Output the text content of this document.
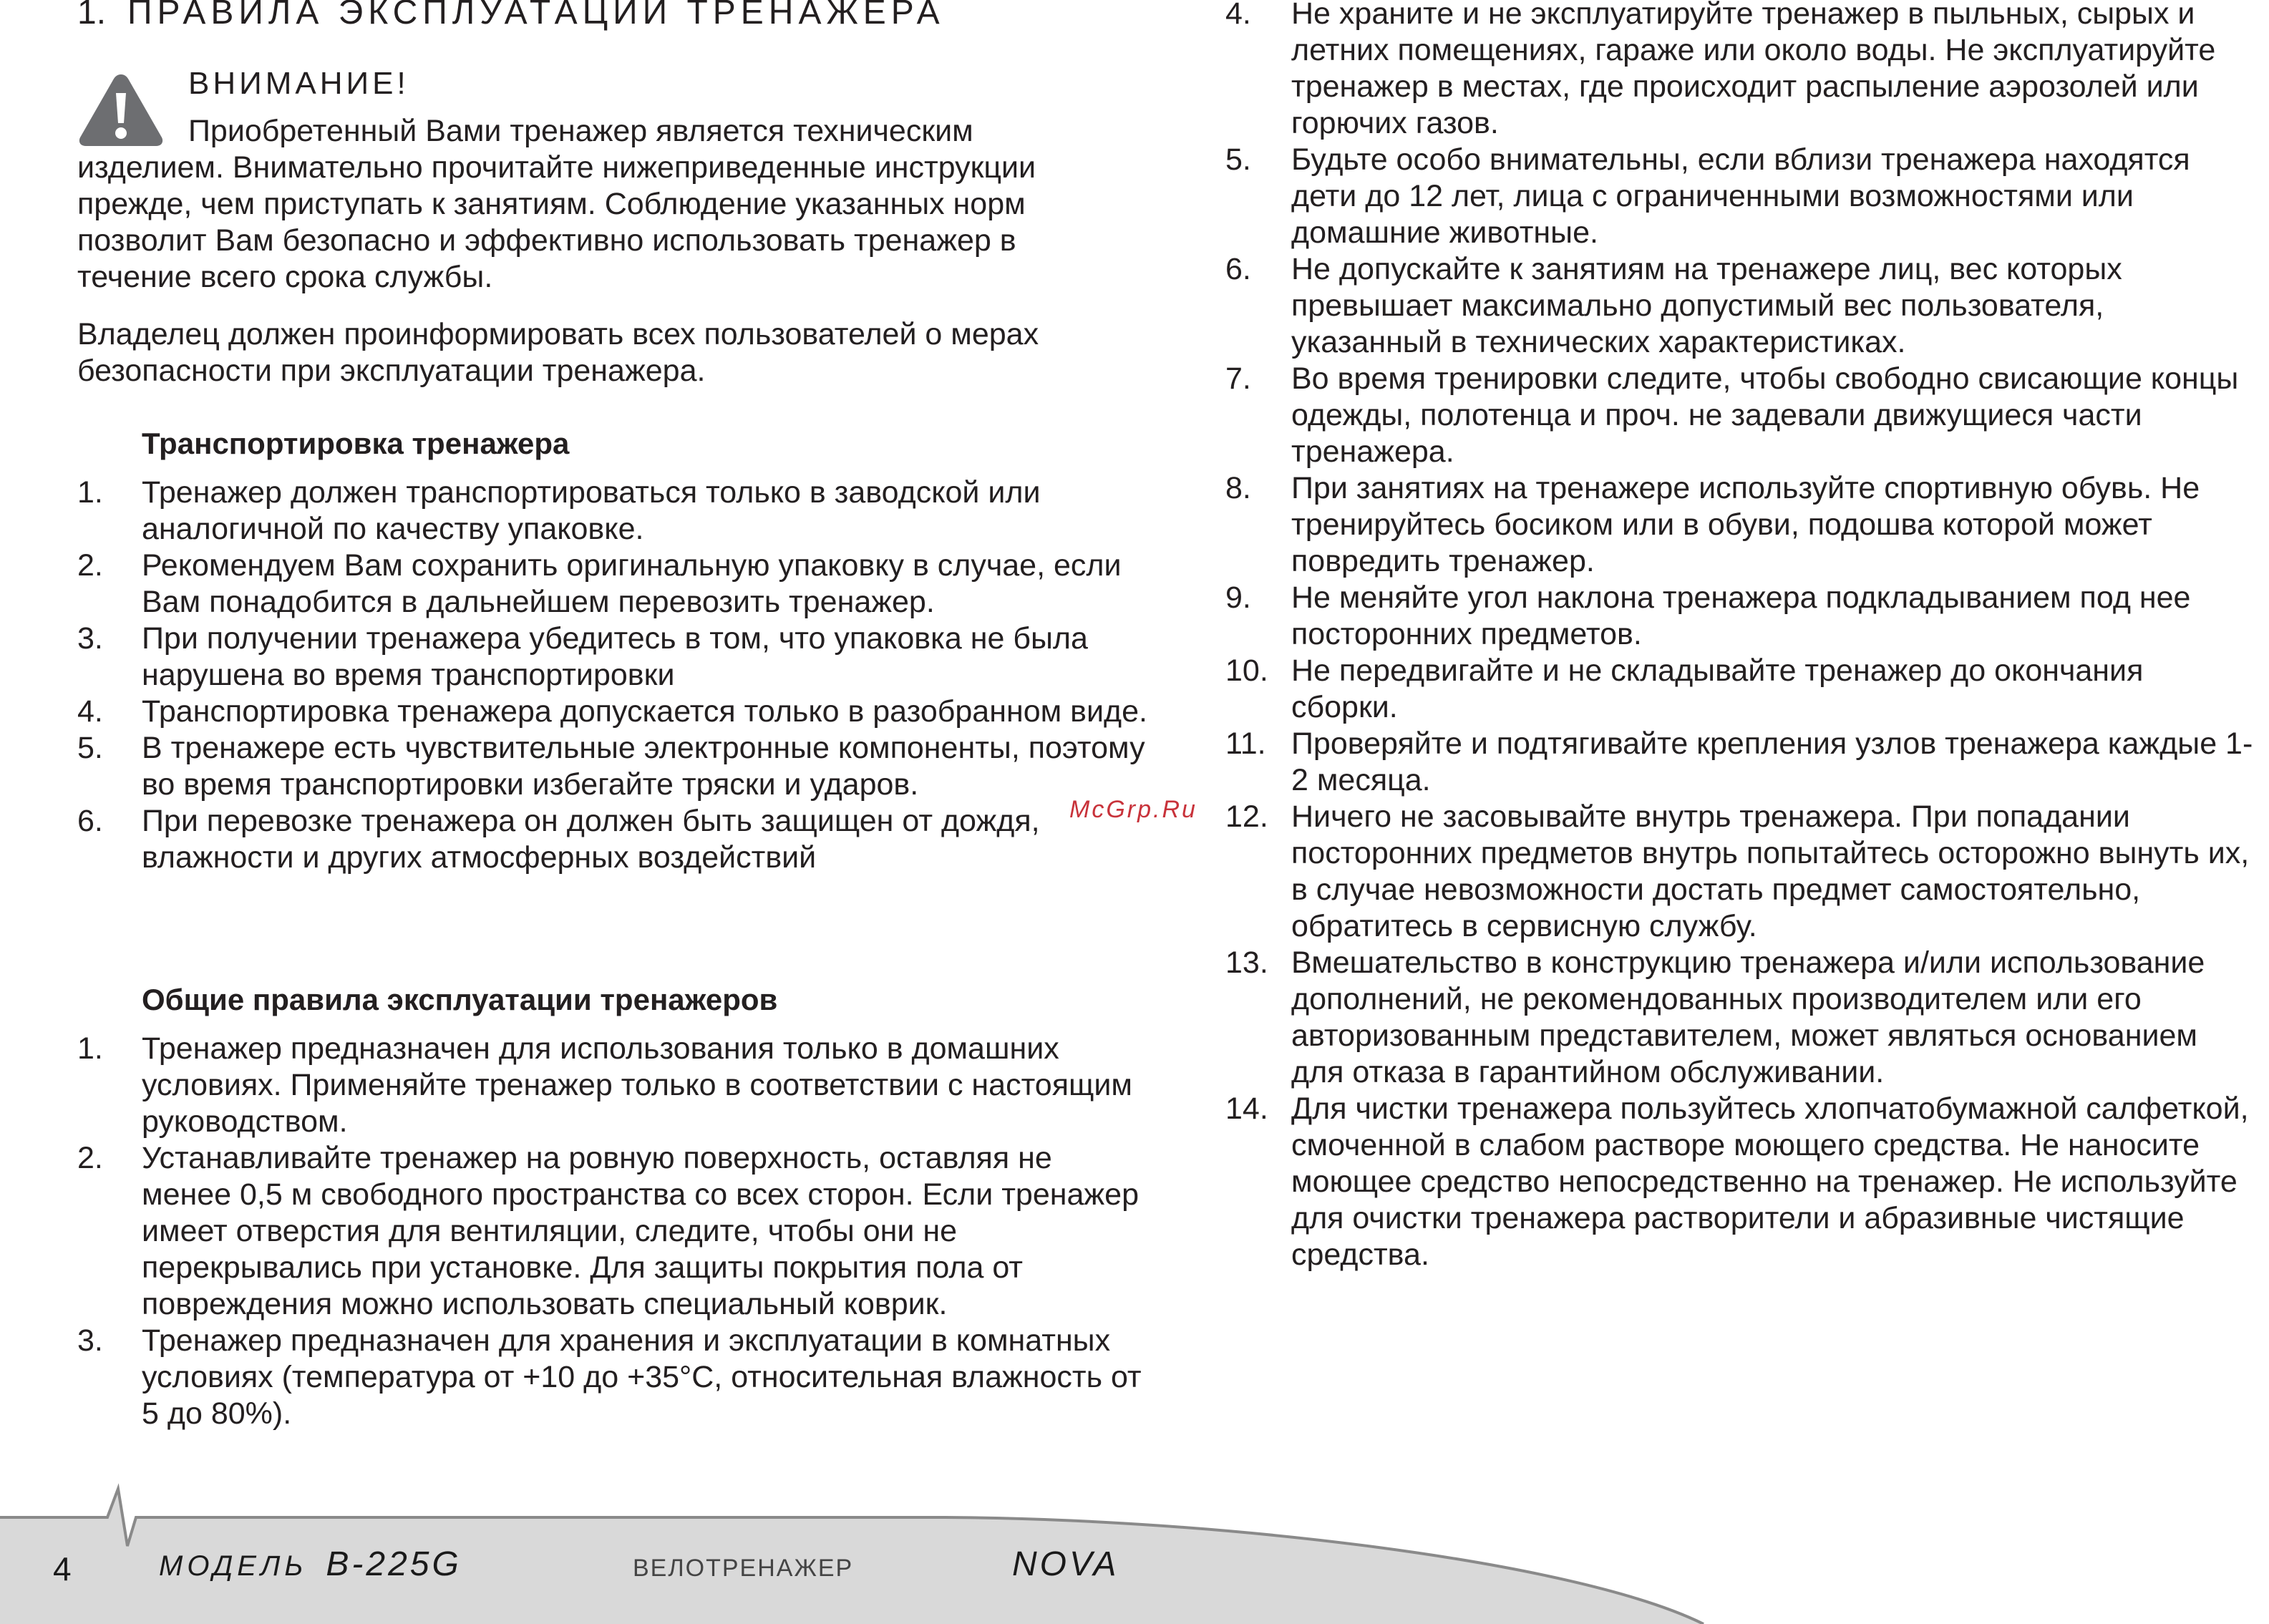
1. ПРАВИЛА ЭКСПЛУАТАЦИИ ТРЕНАЖЕРА
ВНИМАНИЕ!

Приобретенный Вами тренажер является техническим изделием. Внимательно прочитайте нижеприведенные инструкции прежде, чем приступать к занятиям. Соблюдение указанных норм позволит Вам безопасно и эффективно использовать тренажер в течение всего срока службы.

Владелец должен проинформировать всех пользователей о мерах безопасности при эксплуатации тренажера.

Транспортировка тренажера
1. Тренажер должен транспортироваться только в заводской или аналогичной по качеству упаковке.
2. Рекомендуем Вам сохранить оригинальную упаковку в случае, если Вам понадобится в дальнейшем перевозить тренажер.
3. При получении тренажера убедитесь в том, что упаковка не была нарушена во время транспортировки
4. Транспортировка тренажера допускается только в разобранном виде.
5. В тренажере есть чувствительные электронные компоненты, поэтому во время транспортировки избегайте тряски и ударов.
6. При перевозке тренажера он должен быть защищен от дождя, влажности и других атмосферных воздействий
Общие правила эксплуатации тренажеров
1. Тренажер предназначен для использования только в домашних условиях. Применяйте тренажер только в соответствии с настоящим руководством.
2. Устанавливайте тренажер на ровную поверхность, оставляя не менее 0,5 м свободного пространства со всех сторон. Если тренажер имеет отверстия для вентиляции, следите, чтобы они не перекрывались при установке. Для защиты покрытия пола от повреждения можно использовать специальный коврик.
3. Тренажер предназначен для хранения и эксплуатации в комнатных условиях (температура от +10 до +35°C, относительная влажность от 5 до 80%).
4. Не храните и не эксплуатируйте тренажер в пыльных, сырых и летних помещениях, гараже или около воды. Не эксплуатируйте тренажер в местах, где происходит распыление аэрозолей или горючих газов.
5. Будьте особо внимательны, если вблизи тренажера находятся дети до 12 лет, лица с ограниченными возможностями или домашние животные.
6. Не допускайте к занятиям на тренажере лиц, вес которых превышает максимально допустимый вес пользователя, указанный в технических характеристиках.
7. Во время тренировки следите, чтобы свободно свисающие концы одежды, полотенца и проч. не задевали движущиеся части тренажера.
8. При занятиях на тренажере используйте спортивную обувь. Не тренируйтесь босиком или в обуви, подошва которой может повредить тренажер.
9. Не меняйте угол наклона тренажера подкладыванием под нее посторонних предметов.
10. Не передвигайте и не складывайте тренажер до окончания сборки.
11. Проверяйте и подтягивайте крепления узлов тренажера каждые 1-2 месяца.
12. Ничего не засовывайте внутрь тренажера. При попадании посторонних предметов внутрь попытайтесь осторожно вынуть их, в случае невозможности достать предмет самостоятельно, обратитесь в сервисную службу.
13. Вмешательство в конструкцию тренажера и/или использование дополнений, не рекомендованных производителем или его авторизованным представителем, может являться основанием для отказа в гарантийном обслуживании.
14. Для чистки тренажера пользуйтесь хлопчатобумажной салфеткой, смоченной в слабом растворе моющего средства. Не наносите моющее средство непосредственно на тренажер. Не используйте для очистки тренажера растворители и абразивные чистящие средства.
McGrp.Ru
4	МОДЕЛЬ B-225G	ВЕЛОТРЕНАЖЕР	NOVA
